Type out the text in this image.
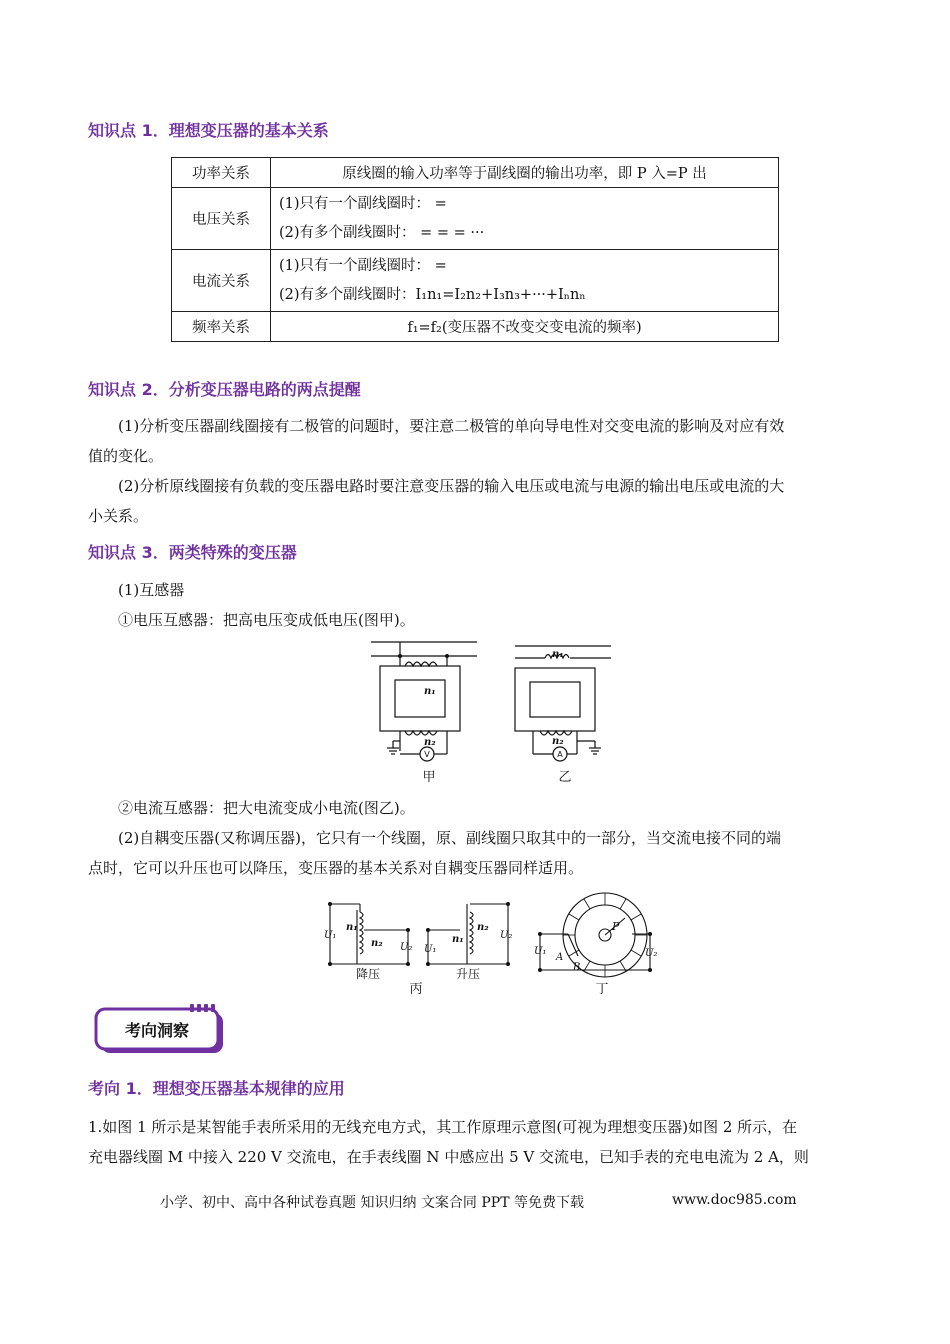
知识点 1．理想变压器的基本关系
功率关系	原线圈的输入功率等于副线圈的输出功率，即 P 入=P 出
电压关系	(1)只有一个副线圈时： =
(2)有多个副线圈时： = = = ···

电流关系	(1)只有一个副线圈时： =
(2)有多个副线圈时：I₁n₁=I₂n₂+I₃n₃+···+Iₙnₙ

频率关系	f₁=f₂(变压器不改变交变电流的频率)
知识点 2．分析变压器电路的两点提醒
(1)分析变压器副线圈接有二极管的问题时，要注意二极管的单向导电性对交变电流的影响及对应有效
值的变化。
(2)分析原线圈接有负载的变压器电路时要注意变压器的输入电压或电流与电源的输出电压或电流的大
小关系。
知识点 3．两类特殊的变压器
(1)互感器
①电压互感器：把高电压变成低电压(图甲)。
n₁
n₂
n₁
n₂
V	A
甲	乙
②电流互感器：把大电流变成小电流(图乙)。
(2)自耦变压器(又称调压器)，它只有一个线圈，原、副线圈只取其中的一部分，当交流电接不同的端
点时，它可以升压也可以降压，变压器的基本关系对自耦变压器同样适用。
U₁
n₁
n₂ U₂ U₁
n₁
n₂
U₂
U₁
P
A
B
U₂
降压	升压
丙	丁
考向洞察
考向 1．理想变压器基本规律的应用
1.如图 1 所示是某智能手表所采用的无线充电方式，其工作原理示意图(可视为理想变压器)如图 2 所示，在
充电器线圈 M 中接入 220 V 交流电，在手表线圈 N 中感应出 5 V 交流电，已知手表的充电电流为 2 A，则
小学、初中、高中各种试卷真题 知识归纳 文案合同 PPT 等免费下载	www.doc985.com
